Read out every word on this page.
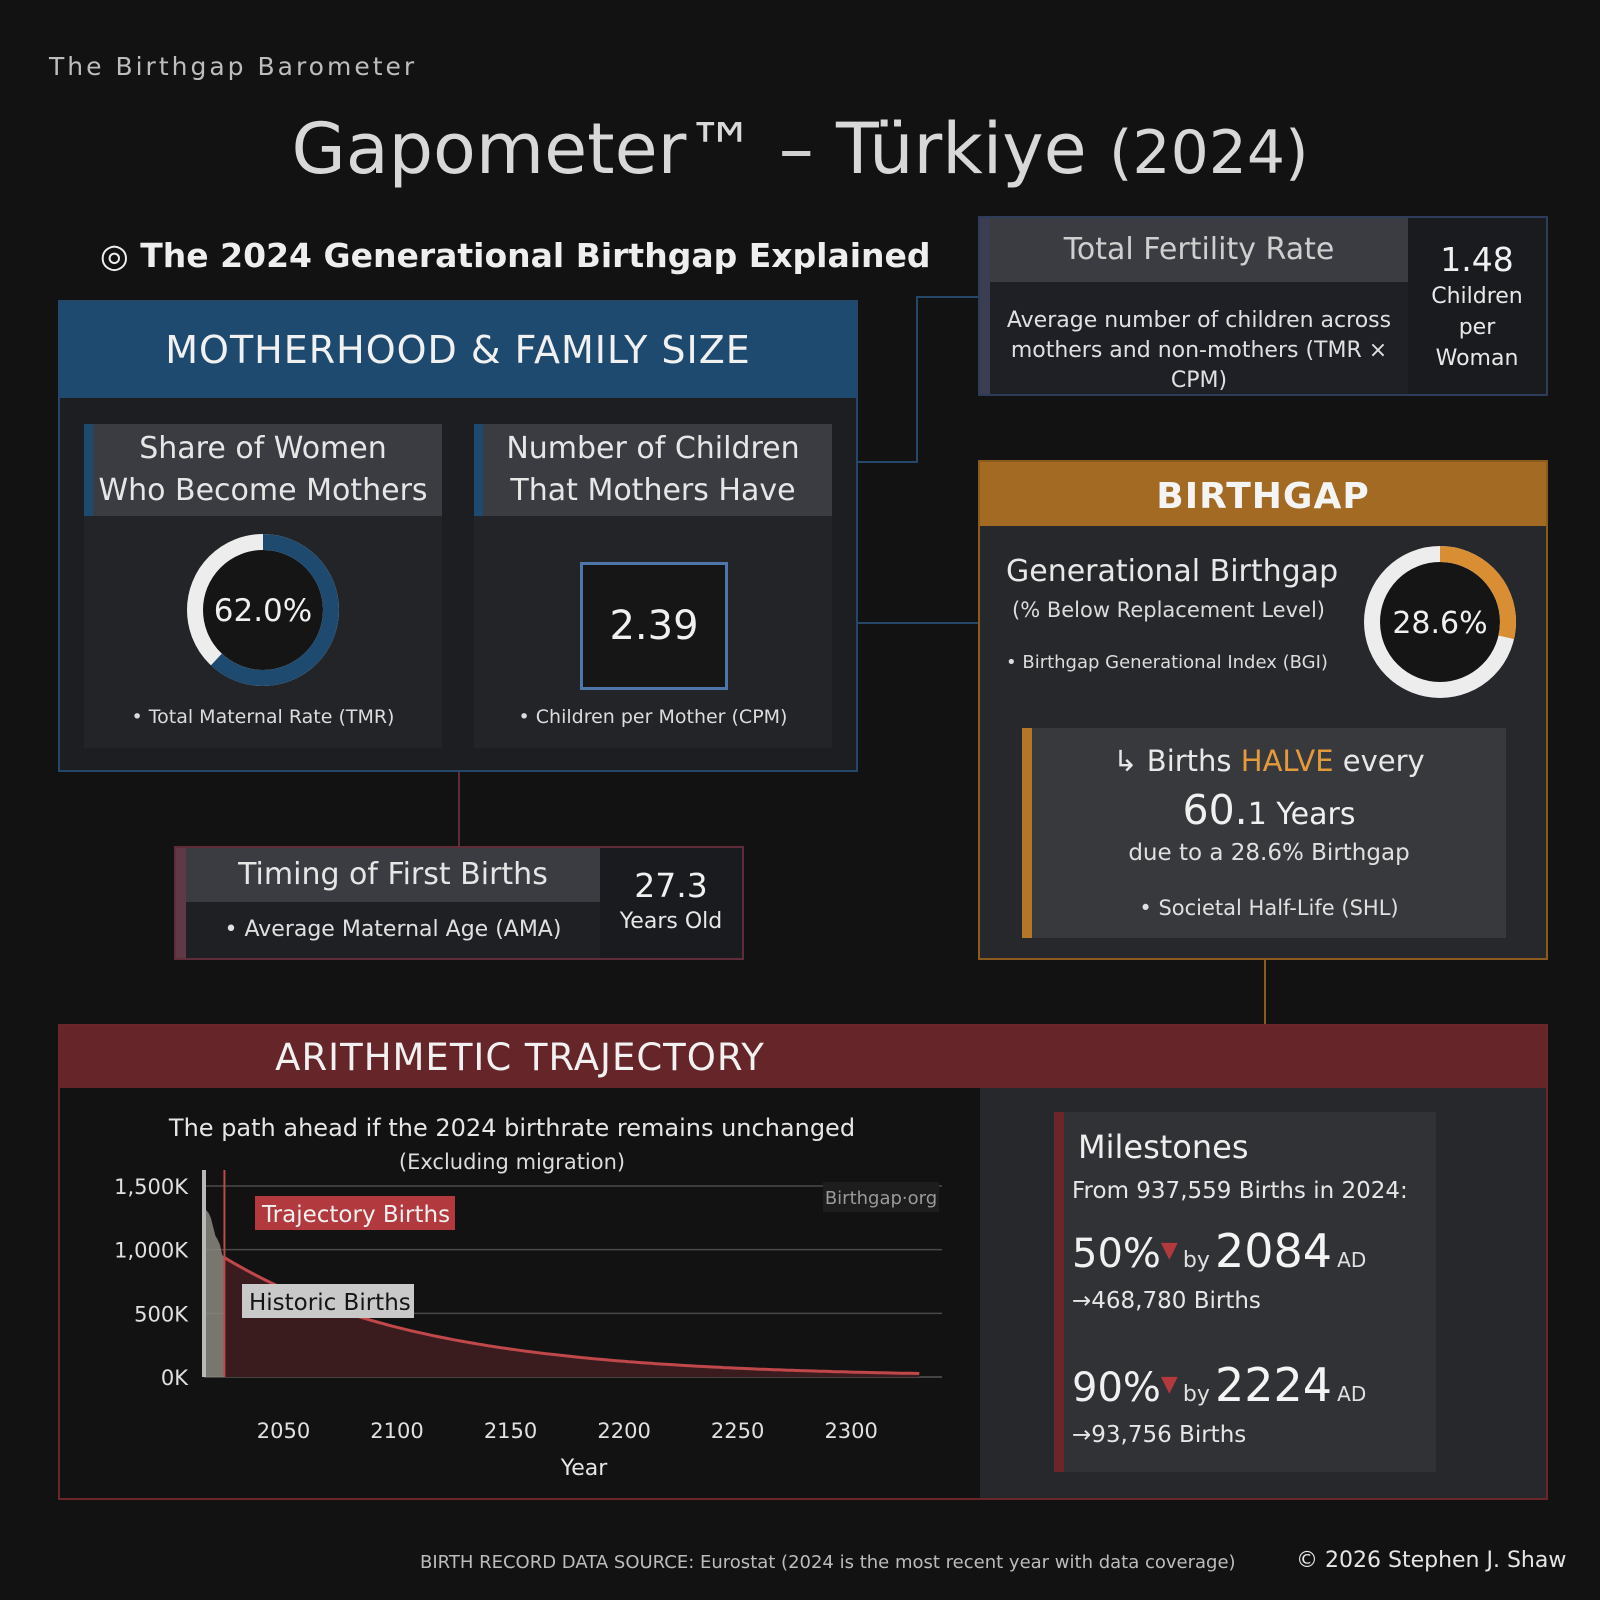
The Birthgap Barometer
Gapometer™ – Türkiye (2024)
◎ The 2024 Generational Birthgap Explained
MOTHERHOOD & FAMILY SIZE
Share of Women
Who Become Mothers
62.0%
• Total Maternal Rate (TMR)
Number of Children
That Mothers Have
2.39
• Children per Mother (CPM)
Total Fertility Rate
Average number of children across
mothers and non-mothers (TMR × CPM)
1.48
Children
per
Woman
BIRTHGAP
Generational Birthgap
(% Below Replacement Level)
• Birthgap Generational Index (BGI)
28.6%
↳ Births HALVE every
60.1 Years
due to a 28.6% Birthgap
• Societal Half-Life (SHL)
Timing of First Births
• Average Maternal Age (AMA)
27.3
Years Old
ARITHMETIC TRAJECTORY
The path ahead if the 2024 birthrate remains unchanged
(Excluding migration)
0K
500K
1,000K
1,500K
2050	2100	2150	2200	2250	2300
Trajectory Births
Historic Births
Birthgap·org
Year
Milestones
From 937,559 Births in 2024:
50%▼ by 2084 AD
→468,780 Births
90%▼ by 2224 AD
→93,756 Births
BIRTH RECORD DATA SOURCE: Eurostat (2024 is the most recent year with data coverage)	© 2026 Stephen J. Shaw
